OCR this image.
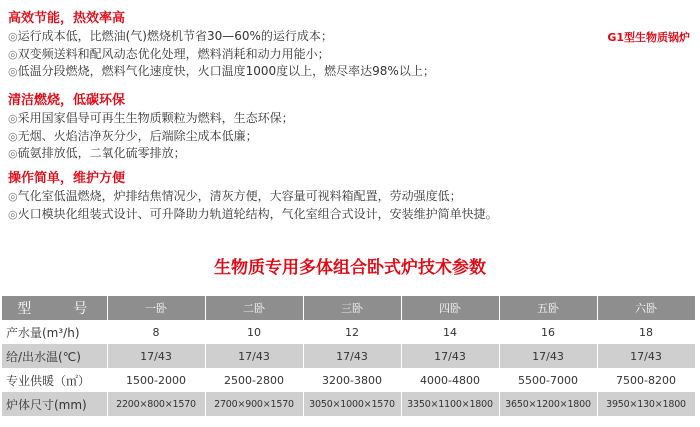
G1型生物质锅炉
高效节能，热效率高
◎运行成本低，比燃油(气)燃烧机节省30—60%的运行成本；
◎双变频送料和配风动态优化处理，燃料消耗和动力用能小；
◎低温分段燃烧，燃料气化速度快，火口温度1000度以上，燃尽率达98%以上；
清洁燃烧，低碳环保
◎采用国家倡导可再生生物质颗粒为燃料，生态环保；
◎无烟、火焰洁净灰分少，后端除尘成本低廉；
◎硫氨排放低，二氧化硫零排放；
操作简单，维护方便
◎气化室低温燃烧，炉排结焦情况少，清灰方便，大容量可视料箱配置，劳动强度低；
◎火口模块化组装式设计、可升降助力轨道轮结构，气化室组合式设计，安装维护简单快捷。
生物质专用多体组合卧式炉技术参数
型　号	一卧	二卧	三卧	四卧	五卧	六卧
产水量(m³/h)	8	10	12	14	16	18
给/出水温(℃)	17/43	17/43	17/43	17/43	17/43	17/43
专业供暖（㎡）	1500-2000	2500-2800	3200-3800	4000-4800	5500-7000	7500-8200
炉体尺寸(mm)	2200×800×1570	2700×900×1570	3050×1000×1570	3350×1100×1800	3650×1200×1800	3950×130×1800
